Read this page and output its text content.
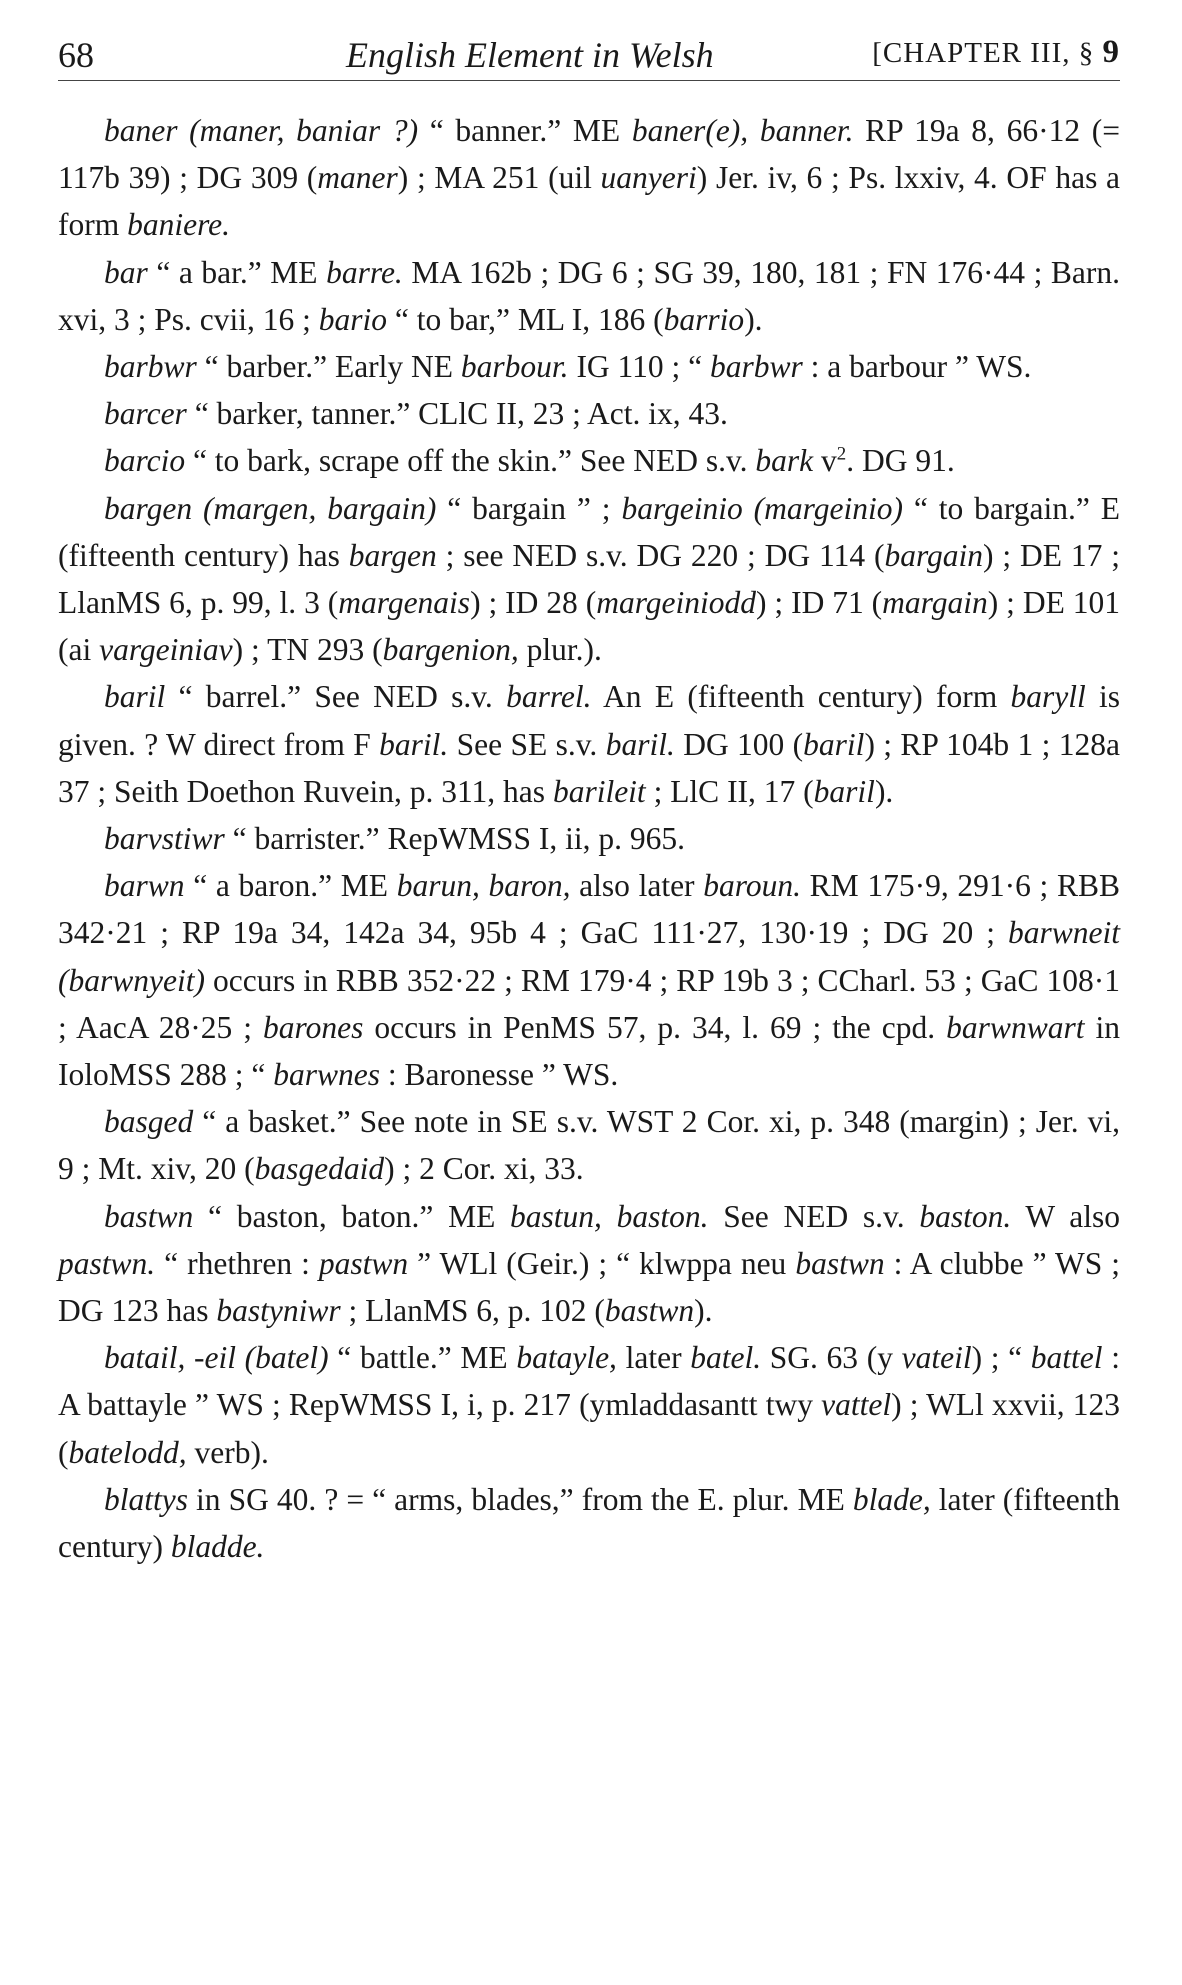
68	English Element in Welsh	[CHAPTER III, § 9

baner (maner, baniar ?) “ banner.” ME baner(e), banner. RP 19a 8, 66·12 (= 117b 39) ; DG 309 (maner) ; MA 251 (uil uanyeri) Jer. iv, 6 ; Ps. lxxiv, 4. OF has a form baniere.

bar “ a bar.” ME barre. MA 162b ; DG 6 ; SG 39, 180, 181 ; FN 176·44 ; Barn. xvi, 3 ; Ps. cvii, 16 ; bario “ to bar,” ML I, 186 (barrio).

barbwr “ barber.” Early NE barbour. IG 110 ; “ barbwr : a barbour ” WS.

barcer “ barker, tanner.” CLlC II, 23 ; Act. ix, 43.

barcio “ to bark, scrape off the skin.” See NED s.v. bark $v^2$. DG 91.

bargen (margen, bargain) “ bargain ” ; bargeinio (margeinio) “ to bargain.” E (fifteenth century) has bargen ; see NED s.v. DG 220 ; DG 114 (bargain) ; DE 17 ; LlanMS 6, p. 99, l. 3 (margenais) ; ID 28 (margeiniodd) ; ID 71 (margain) ; DE 101 (ai vargeiniav) ; TN 293 (bargenion, plur.).

baril “ barrel.” See NED s.v. barrel. An E (fifteenth century) form baryll is given. ? W direct from F baril. See SE s.v. baril. DG 100 (baril) ; RP 104b 1 ; 128a 37 ; Seith Doethon Ruvein, p. 311, has barileit ; LlC II, 17 (baril).

barvstiwr “ barrister.” RepWMSS I, ii, p. 965.

barwn “ a baron.” ME barun, baron, also later baroun. RM 175·9, 291·6 ; RBB 342·21 ; RP 19a 34, 142a 34, 95b 4 ; GaC 111·27, 130·19 ; DG 20 ; barwneit (barwnyeit) occurs in RBB 352·22 ; RM 179·4 ; RP 19b 3 ; CCharl. 53 ; GaC 108·1 ; AacA 28·25 ; barones occurs in PenMS 57, p. 34, l. 69 ; the cpd. barwnwart in IoloMSS 288 ; “ barwnes : Baronesse ” WS.

basged “ a basket.” See note in SE s.v. WST 2 Cor. xi, p. 348 (margin) ; Jer. vi, 9 ; Mt. xiv, 20 (basgedaid) ; 2 Cor. xi, 33.

bastwn “ baston, baton.” ME bastun, baston. See NED s.v. baston. W also pastwn. “ rhethren : pastwn ” WLl (Geir.) ; “ klwppa neu bastwn : A clubbe ” WS ; DG 123 has bastyniwr ; LlanMS 6, p. 102 (bastwn).

batail, -eil (batel) “ battle.” ME batayle, later batel. SG. 63 (y vateil) ; “ battel : A battayle ” WS ; RepWMSS I, i, p. 217 (ymladdasantt twy vattel) ; WLl xxvii, 123 (batelodd, verb).

blattys in SG 40. ? = “ arms, blades,” from the E. plur. ME blade, later (fifteenth century) bladde.
